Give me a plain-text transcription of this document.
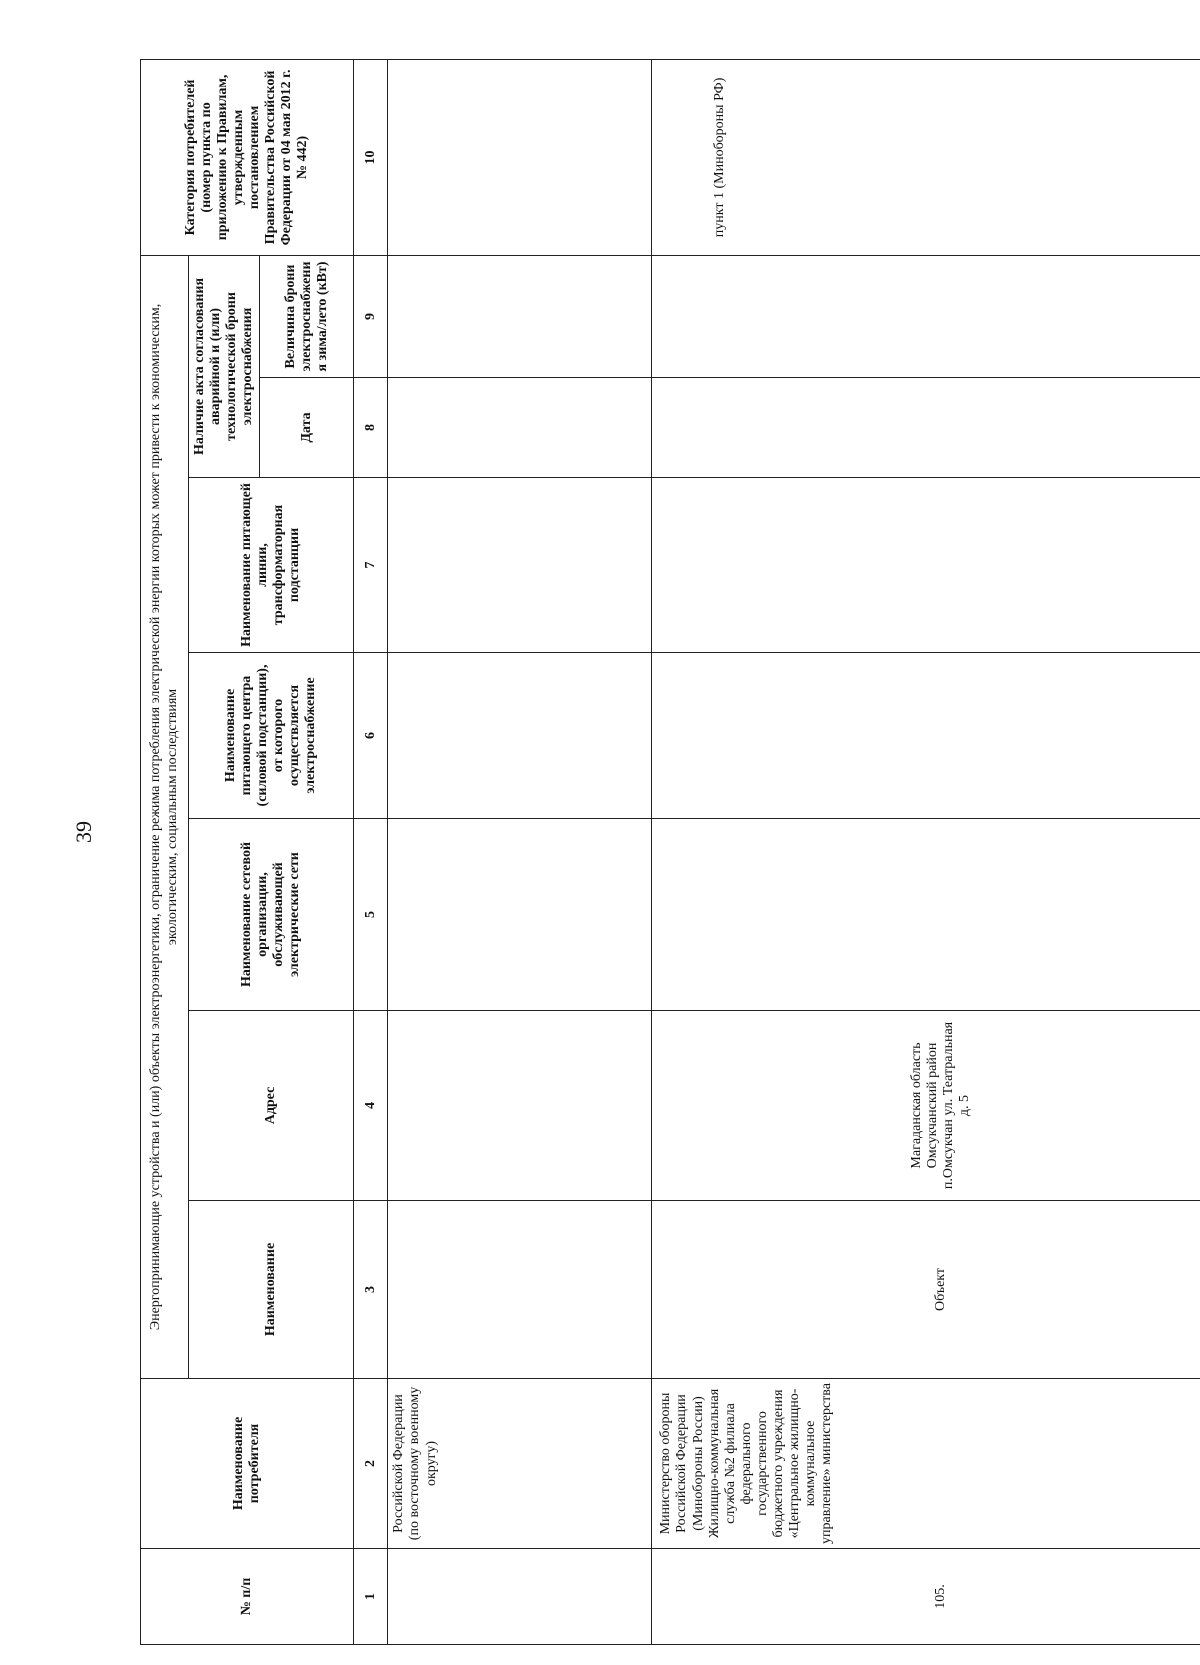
39
№ п/п	Наименование потребителя	Энергопринимающие устройства и (или) объекты электроэнергетики, ограничение режима потребления электрической энергии которых может привести к экономическим, экологическим, социальным последствиям							Категория потребителей (номер пункта по приложению к Правилам, утвержденным постановлением Правительства Российской Федерации от 04 мая 2012 г. № 442)
		Наименование	Адрес	Наименование сетевой организации, обслуживающей электрические сети	Наименование питающего центра (силовой подстанции), от которого осуществляется электроснабжение	Наименование питающей линии, трансформаторная подстанции	Наличие акта согласования аварийной и (или) технологической брони электроснабжения		
							Дата	Величина брони электроснабжения зима/лето (кВт)	
1	2	3	4	5	6	7	8	9	10
	Российской Федерации (по восточному военному округу)								
105.	Министерство обороны Российской Федерации (Минобороны России) Жилищно-коммунальная служба №2 филиала федерального государственного бюджетного учреждения «Центральное жилищно-коммунальное управление» министерства	Объект	Магаданская область Омсукчанский район п.Омсукчан ул. Театральная д. 5						пункт 1 (Минобороны РФ)
